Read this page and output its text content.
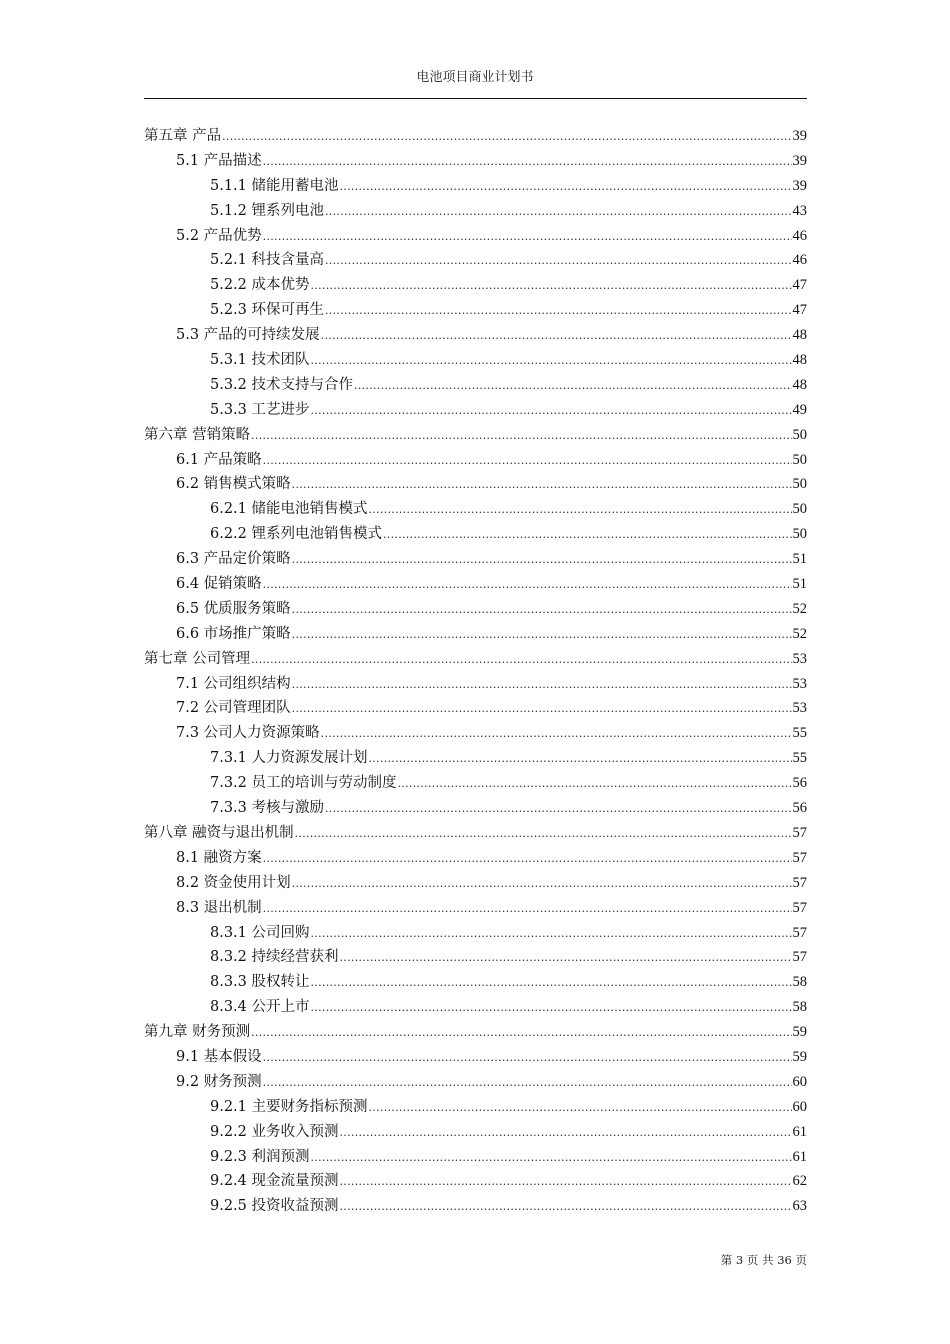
电池项目商业计划书
第五章 产品 .....	39
5.1 产品描述 .....	39
5.1.1 储能用蓄电池 .....	39
5.1.2 锂系列电池 .....	43
5.2 产品优势 .....	46
5.2.1 科技含量高 .....	46
5.2.2 成本优势 .....	47
5.2.3 环保可再生 .....	47
5.3 产品的可持续发展 .....	48
5.3.1 技术团队 .....	48
5.3.2 技术支持与合作 .....	48
5.3.3 工艺进步 .....	49
第六章 营销策略 .....	50
6.1 产品策略 .....	50
6.2 销售模式策略 .....	50
6.2.1 储能电池销售模式 .....	50
6.2.2 锂系列电池销售模式 .....	50
6.3 产品定价策略 .....	51
6.4 促销策略 .....	51
6.5 优质服务策略 .....	52
6.6 市场推广策略 .....	52
第七章 公司管理 .....	53
7.1 公司组织结构 .....	53
7.2 公司管理团队 .....	53
7.3 公司人力资源策略 .....	55
7.3.1 人力资源发展计划 .....	55
7.3.2 员工的培训与劳动制度 .....	56
7.3.3 考核与激励 .....	56
第八章 融资与退出机制 .....	57
8.1 融资方案 .....	57
8.2 资金使用计划 .....	57
8.3 退出机制 .....	57
8.3.1 公司回购 .....	57
8.3.2 持续经营获利 .....	57
8.3.3 股权转让 .....	58
8.3.4 公开上市 .....	58
第九章 财务预测 .....	59
9.1 基本假设 .....	59
9.2 财务预测 .....	60
9.2.1 主要财务指标预测 .....	60
9.2.2 业务收入预测 .....	61
9.2.3 利润预测 .....	61
9.2.4 现金流量预测 .....	62
9.2.5 投资收益预测 .....	63
第 3 页 共 36 页
